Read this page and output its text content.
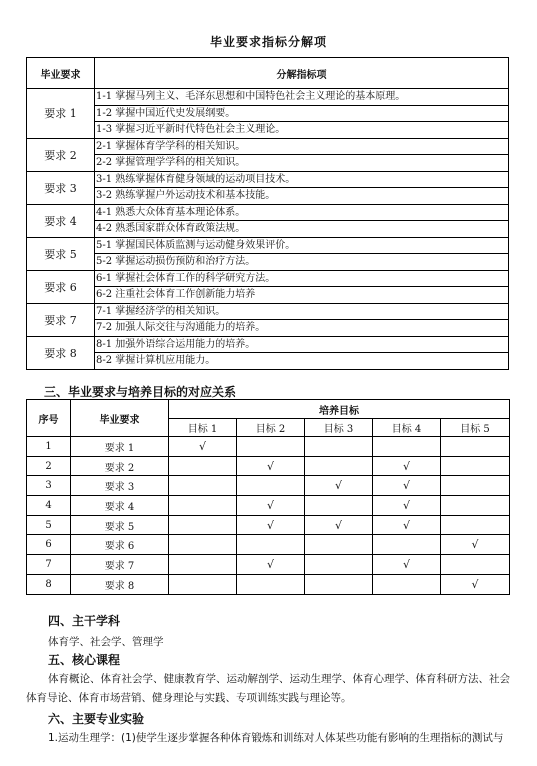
毕业要求指标分解项
毕业要求	分解指标项
要求 1	1-1 掌握马列主义、毛泽东思想和中国特色社会主义理论的基本原理。
	1-2 掌握中国近代史发展纲要。
	1-3 掌握习近平新时代特色社会主义理论。
要求 2	2-1 掌握体育学学科的相关知识。
	2-2 掌握管理学学科的相关知识。
要求 3	3-1 熟练掌握体育健身领域的运动项目技术。
	3-2 熟练掌握户外运动技术和基本技能。
要求 4	4-1 熟悉大众体育基本理论体系。
	4-2 熟悉国家群众体育政策法规。
要求 5	5-1 掌握国民体质监测与运动健身效果评价。
	5-2 掌握运动损伤预防和治疗方法。
要求 6	6-1 掌握社会体育工作的科学研究方法。
	6-2 注重社会体育工作创新能力培养
要求 7	7-1 掌握经济学的相关知识。
	7-2 加强人际交往与沟通能力的培养。
要求 8	8-1 加强外语综合运用能力的培养。
	8-2 掌握计算机应用能力。
三、毕业要求与培养目标的对应关系
序号	毕业要求	培养目标				
		目标 1	目标 2	目标 3	目标 4	目标 5
1	要求 1	√				
2	要求 2		√		√	
3	要求 3			√	√	
4	要求 4		√		√	
5	要求 5		√	√	√	
6	要求 6					√
7	要求 7		√		√	
8	要求 8					√
四、主干学科
体育学、社会学、管理学
五、核心课程
体育概论、体育社会学、健康教育学、运动解剖学、运动生理学、体育心理学、体育科研方法、社会
体育导论、体育市场营销、健身理论与实践、专项训练实践与理论等。
六、主要专业实验
1.运动生理学：(1)使学生逐步掌握各种体育锻炼和训练对人体某些功能有影响的生理指标的测试与
